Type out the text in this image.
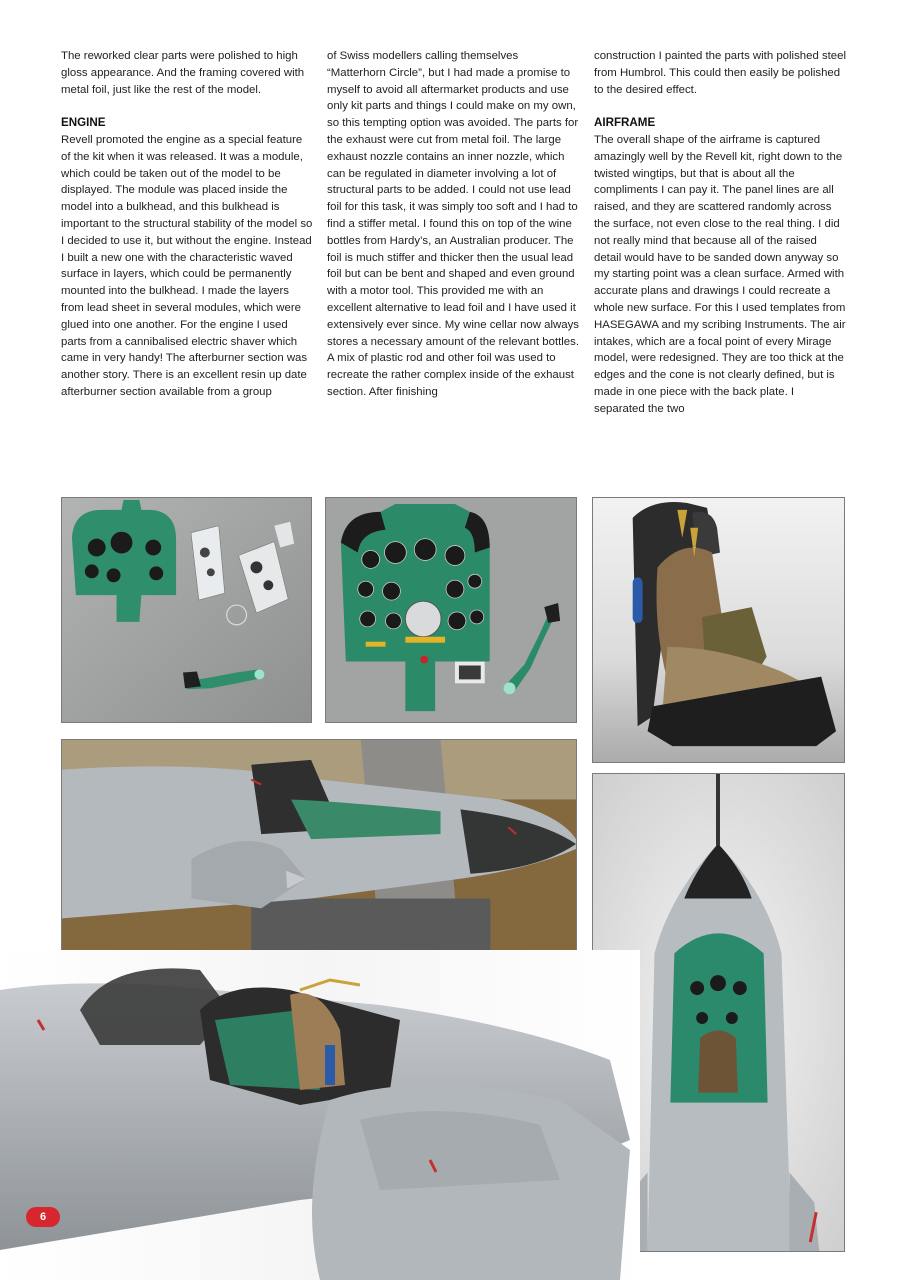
The reworked clear parts were polished to high gloss appearance. And the framing covered with metal foil, just like the rest of the model.

ENGINE
Revell promoted the engine as a special feature of the kit when it was released. It was a module, which could be taken out of the model to be displayed. The module was placed inside the model into a bulkhead, and this bulkhead is important to the structural stability of the model so I decided to use it, but without the engine. Instead I built a new one with the characteristic waved surface in layers, which could be permanently mounted into the bulkhead. I made the layers from lead sheet in several modules, which were glued into one another. For the engine I used parts from a cannibalised electric shaver which came in very handy! The afterburner section was another story. There is an excellent resin up date afterburner section available from a group
of Swiss modellers calling themselves “Matterhorn Circle”, but I had made a promise to myself to avoid all aftermarket products and use only kit parts and things I could make on my own, so this tempting option was avoided. The parts for the exhaust were cut from metal foil. The large exhaust nozzle contains an inner nozzle, which can be regulated in diameter involving a lot of structural parts to be added. I could not use lead foil for this task, it was simply too soft and I had to find a stiffer metal. I found this on top of the wine bottles from Hardy’s, an Australian producer. The foil is much stiffer and thicker then the usual lead foil but can be bent and shaped and even ground with a motor tool. This provided me with an excellent alternative to lead foil and I have used it extensively ever since. My wine cellar now always stores a necessary amount of the relevant bottles. A mix of plastic rod and other foil was used to recreate the rather complex inside of the exhaust section. After finishing

construction I painted the parts with polished steel from Humbrol. This could then easily be polished to the desired effect.

AIRFRAME
The overall shape of the airframe is captured amazingly well by the Revell kit, right down to the twisted wingtips, but that is about all the compliments I can pay it. The panel lines are all raised, and they are scattered randomly across the surface, not even close to the real thing. I did not really mind that because all of the raised detail would have to be sanded down anyway so my starting point was a clean surface. Armed with accurate plans and drawings I could recreate a whole new surface. For this I used templates from HASEGAWA and my scribing Instruments. The air intakes, which are a focal point of every Mirage model, were redesigned. They are too thick at the edges and the cone is not clearly defined, but is made in one piece with the back plate. I separated the two
6
